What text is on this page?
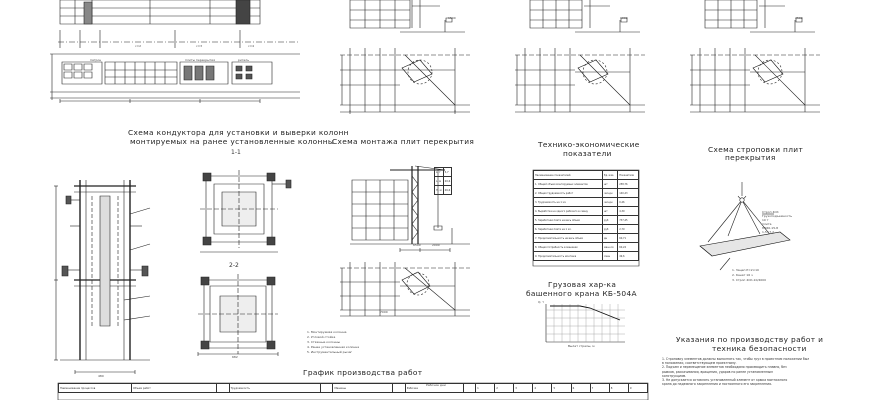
Схема кондуктора для установки и выверки колонн
монтируемых на ранее установленные колонны
Схема монтажа плит перекрытия	Технико-экономические
показатели	Схема строповки плит
перекрытия
Грузовая хар-ка
башенного крана КБ-504А
График производства работ
Указания по производству работ и
техника безопасности
1-1
2-2
6500	2000
7000
480
682
1500	1000	4500
с=2	с=3	с=4
патрон	плиты перекрытия	ригель
1. Монтируемая колонна
2. Угловой стойка
3. Стяжные колонны
4. Ранее установленная колонна
5. Инструментальный рычаг
L, т	5,7
L, м	20,6
H, м	26,6
Наименование показателей	Ед. изм.	Показатели
1. Общий объем монтируемых элементов	шт	258,76
2. Общая трудоемкость работ	чел-дн	140,43
3. Трудоемкость на 1 эл.	чел-дн	0,46
4. Выработка на одного рабочего в смену	шт	4,39
5. Заработная плата на весь объем	руб	737,45
6. Заработная плата на 1 эл.	руб	2,79
7. Продолжительность на весь объем	дн	60,71
8. Общая потребность в машинах	маш-см	60,24
9. Продолжительность монтажа	смен	49,6
Вылет стрелы, м
Q, т
Строп 4СК
Грузоподъемность
10 т
плита
ПК60-15-8
1,5×7,2
1. Зацеп Р=2×10
2. Канат 16 ч
3. Строп 4СК-10/4000
Наименование процессов	Объем работ		Трудоемкость		Машины		Рабочие		1	2	3	4	5	6	7	8	9
Рабочие дни
1. Строповку элементов должны выполнять так, чтобы груз в проектном положении был
в положении, соответствующем проектному.
2. Подъем и перемещение элементов необходимо производить плавно, без
рывков, раскачивания, вращения, ударов по ранее установленным
конструкциям.
3. Не допускается оставлять установленный элемент от крюка монтажного
крана до надежного закрепления и постоянного его закрепления.
